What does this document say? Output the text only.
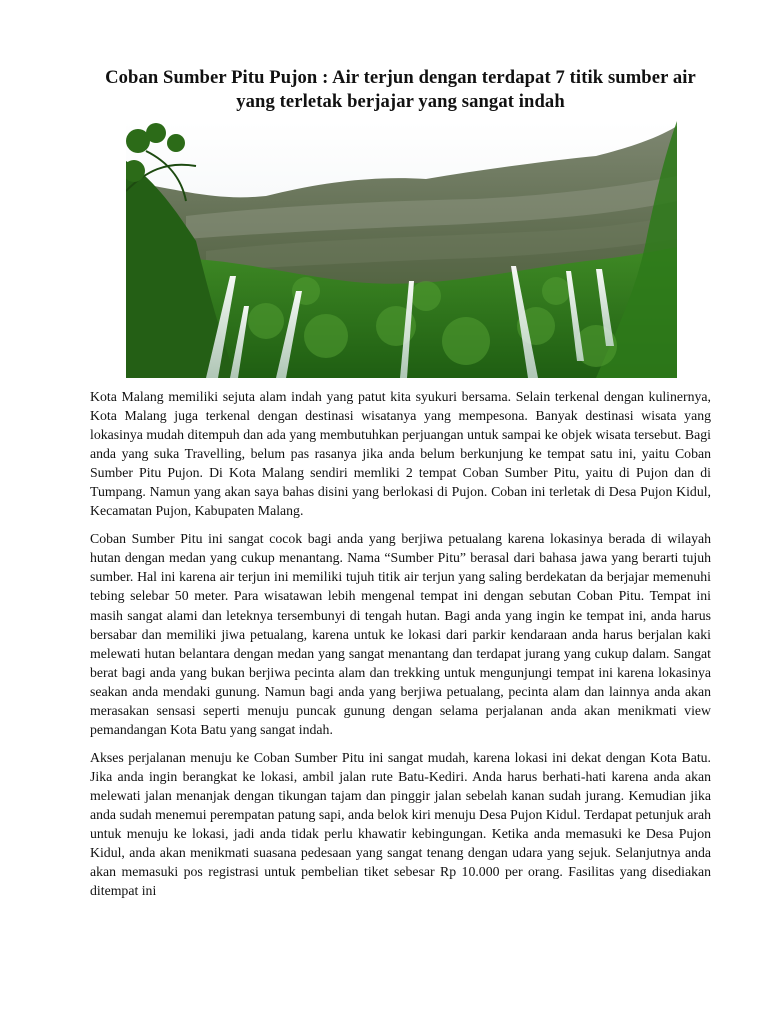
Coban Sumber Pitu Pujon : Air terjun dengan terdapat 7 titik sumber air yang terletak berjajar yang sangat indah

Kota Malang memiliki sejuta alam indah yang patut kita syukuri bersama. Selain terkenal dengan kulinernya, Kota Malang juga terkenal dengan destinasi wisatanya yang mempesona. Banyak destinasi wisata yang lokasinya mudah ditempuh dan ada yang membutuhkan perjuangan untuk sampai ke objek wisata tersebut. Bagi anda yang suka Travelling, belum pas rasanya jika anda belum berkunjung ke tempat satu ini, yaitu Coban Sumber Pitu Pujon. Di Kota Malang sendiri memliki 2 tempat Coban Sumber Pitu, yaitu di Pujon dan di Tumpang. Namun yang akan saya bahas disini yang berlokasi di Pujon. Coban ini terletak di Desa Pujon Kidul, Kecamatan Pujon, Kabupaten Malang.

Coban Sumber Pitu ini sangat cocok bagi anda yang berjiwa petualang karena lokasinya berada di wilayah hutan dengan medan yang cukup menantang. Nama “Sumber Pitu” berasal dari bahasa jawa yang berarti tujuh sumber. Hal ini karena air terjun ini memiliki tujuh titik air terjun yang saling berdekatan da berjajar memenuhi tebing selebar 50 meter. Para wisatawan lebih mengenal tempat ini dengan sebutan Coban Pitu. Tempat ini masih sangat alami dan leteknya tersembunyi di tengah hutan. Bagi anda yang ingin ke tempat ini, anda harus bersabar dan memiliki jiwa petualang, karena untuk ke lokasi dari parkir kendaraan anda harus berjalan kaki melewati hutan belantara dengan medan yang sangat menantang dan terdapat jurang yang cukup dalam. Sangat berat bagi anda yang bukan berjiwa pecinta alam dan trekking untuk mengunjungi tempat ini karena lokasinya seakan anda mendaki gunung. Namun bagi anda yang berjiwa petualang, pecinta alam dan lainnya anda akan merasakan sensasi seperti menuju puncak gunung dengan selama perjalanan anda akan menikmati view pemandangan Kota Batu yang sangat indah.

Akses perjalanan menuju ke Coban Sumber Pitu ini sangat mudah, karena lokasi ini dekat dengan Kota Batu. Jika anda ingin berangkat ke lokasi, ambil jalan rute Batu-Kediri. Anda harus berhati-hati karena anda akan melewati jalan menanjak dengan tikungan tajam dan pinggir jalan sebelah kanan sudah jurang. Kemudian jika anda sudah menemui perempatan patung sapi, anda belok kiri menuju Desa Pujon Kidul. Terdapat petunjuk arah untuk menuju ke lokasi, jadi anda tidak perlu khawatir kebingungan. Ketika anda memasuki ke Desa Pujon Kidul, anda akan menikmati suasana pedesaan yang sangat tenang dengan udara yang sejuk. Selanjutnya anda akan memasuki pos registrasi untuk pembelian tiket sebesar Rp 10.000 per orang. Fasilitas yang disediakan ditempat ini
